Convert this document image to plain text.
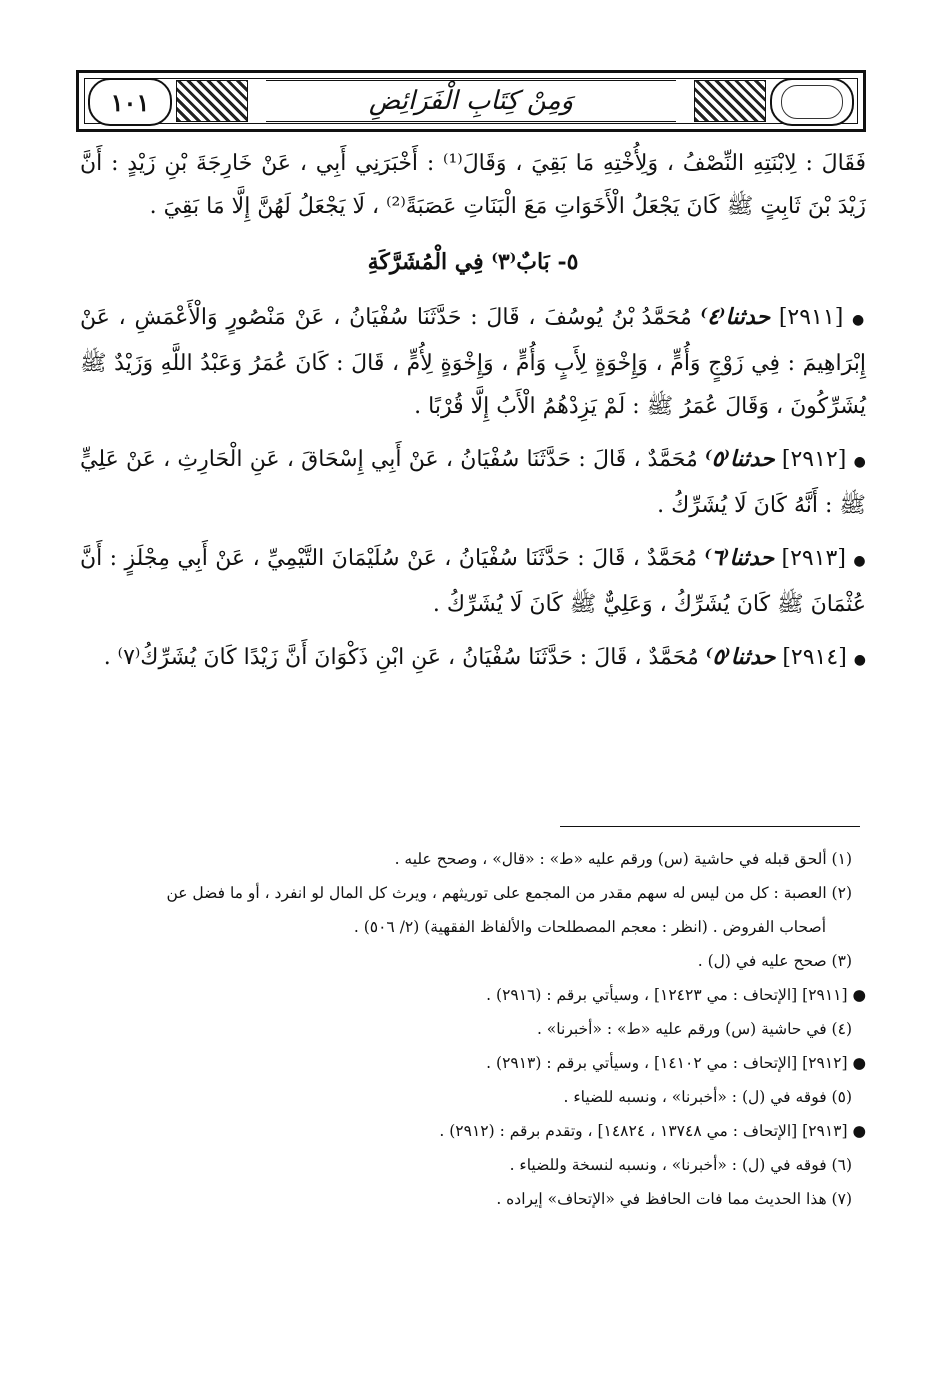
١٠١	وَمِنْ كِتَابِ الْفَرَائِضِ

فَقَالَ : لِابْنَتِهِ النِّصْفُ ، وَلِأُخْتِهِ مَا بَقِيَ ، وَقَالَ⁽¹⁾ : أَخْبَرَنِي أَبِي ، عَنْ خَارِجَةَ بْنِ زَيْدٍ : أَنَّ زَيْدَ بْنَ ثَابِتٍ ﷺ كَانَ يَجْعَلُ الْأَخَوَاتِ مَعَ الْبَنَاتِ عَصَبَةً⁽²⁾ ، لَا يَجْعَلُ لَهُنَّ إِلَّا مَا بَقِيَ .

٥- بَابٌ⁽٣⁾ فِي الْمُشَرَّكَةِ

● [٢٩١١] حدثنا⁽٤⁾ مُحَمَّدُ بْنُ يُوسُفَ ، قَالَ : حَدَّثَنَا سُفْيَانُ ، عَنْ مَنْصُورٍ وَالْأَعْمَشِ ، عَنْ إِبْرَاهِيمَ : فِي زَوْجٍ وَأُمٍّ ، وَإِخْوَةٍ لِأَبٍ وَأُمٍّ ، وَإِخْوَةٍ لِأُمٍّ ، قَالَ : كَانَ عُمَرُ وَعَبْدُ اللَّهِ وَزَيْدٌ ﷺ يُشَرِّكُونَ ، وَقَالَ عُمَرُ ﷺ : لَمْ يَزِدْهُمُ الْأَبُ إِلَّا قُرْبًا .

● [٢٩١٢] حدثنا⁽٥⁾ مُحَمَّدٌ ، قَالَ : حَدَّثَنَا سُفْيَانُ ، عَنْ أَبِي إِسْحَاقَ ، عَنِ الْحَارِثِ ، عَنْ عَلِيٍّ ﷺ : أَنَّهُ كَانَ لَا يُشَرِّكُ .

● [٢٩١٣] حدثنا⁽٦⁾ مُحَمَّدٌ ، قَالَ : حَدَّثَنَا سُفْيَانُ ، عَنْ سُلَيْمَانَ التَّيْمِيِّ ، عَنْ أَبِي مِجْلَزٍ : أَنَّ عُثْمَانَ ﷺ كَانَ يُشَرِّكُ ، وَعَلِيٌّ ﷺ كَانَ لَا يُشَرِّكُ .

● [٢٩١٤] حدثنا⁽٥⁾ مُحَمَّدٌ ، قَالَ : حَدَّثَنَا سُفْيَانُ ، عَنِ ابْنِ ذَكْوَانَ أَنَّ زَيْدًا كَانَ يُشَرِّكُ⁽٧⁾ .

(١) ألحق قبله في حاشية (س) ورقم عليه «ط» : «قال» ، وصحح عليه .

(٢) العصبة : كل من ليس له سهم مقدر من المجمع على توريثهم ، ويرث كل المال لو انفرد ، أو ما فضل عن

أصحاب الفروض . (انظر : معجم المصطلحات والألفاظ الفقهية) (٢/ ٥٠٦) .

(٣) صحح عليه في (ل) .

● [٢٩١١] [الإتحاف : مي ١٢٤٢٣] ، وسيأتي برقم : (٢٩١٦) .

(٤) في حاشية (س) ورقم عليه «ط» : «أخبرنا» .

● [٢٩١٢] [الإتحاف : مي ١٤١٠٢] ، وسيأتي برقم : (٢٩١٣) .

(٥) فوقه في (ل) : «أخبرنا» ، ونسبه للضياء .

● [٢٩١٣] [الإتحاف : مي ١٣٧٤٨ ، ١٤٨٢٤] ، وتقدم برقم : (٢٩١٢) .

(٦) فوقه في (ل) : «أخبرنا» ، ونسبه لنسخة وللضياء .

(٧) هذا الحديث مما فات الحافظ في «الإتحاف» إيراده .
